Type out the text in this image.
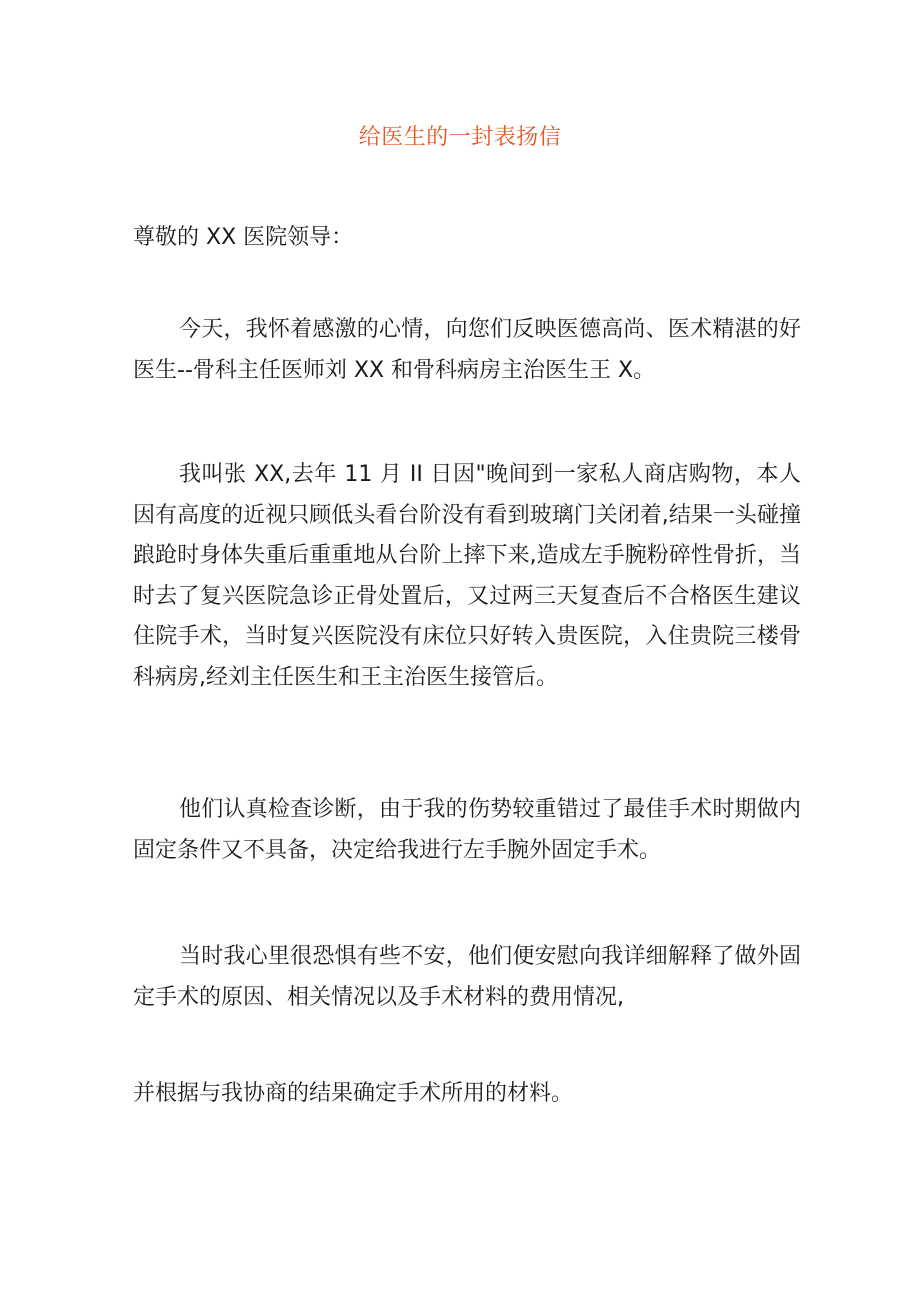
给医生的一封表扬信
尊敬的 XX 医院领导：
今天，我怀着感激的心情，向您们反映医德高尚、医术精湛的好医生--骨科主任医师刘 XX 和骨科病房主治医生王 X。
我叫张 XX,去年 11 月 II 日因"晚间到一家私人商店购物，本人因有高度的近视只顾低头看台阶没有看到玻璃门关闭着,结果一头碰撞踉跄时身体失重后重重地从台阶上摔下来,造成左手腕粉碎性骨折，当时去了复兴医院急诊正骨处置后，又过两三天复查后不合格医生建议住院手术，当时复兴医院没有床位只好转入贵医院，入住贵院三楼骨科病房,经刘主任医生和王主治医生接管后。
他们认真检查诊断，由于我的伤势较重错过了最佳手术时期做内固定条件又不具备，决定给我进行左手腕外固定手术。
当时我心里很恐惧有些不安，他们便安慰向我详细解释了做外固定手术的原因、相关情况以及手术材料的费用情况,
并根据与我协商的结果确定手术所用的材料。
